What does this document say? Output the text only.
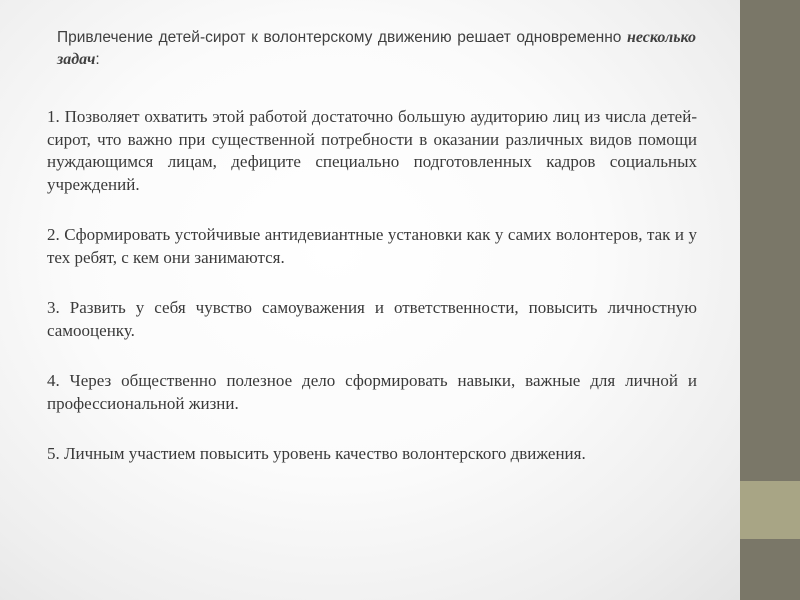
Привлечение детей-сирот к волонтерскому движению решает одновременно несколько задач:

1. Позволяет охватить этой работой достаточно большую аудиторию лиц из числа детей-сирот, что важно при существенной потребности в оказании различных видов помощи нуждающимся лицам, дефиците специально подготовленных кадров социальных учреждений.
2. Сформировать устойчивые антидевиантные установки как у самих волонтеров, так и у тех ребят, с кем они занимаются.
3. Развить у себя чувство самоуважения и ответственности, повысить личностную самооценку.
4. Через общественно полезное дело сформировать навыки, важные для личной и профессиональной жизни.
5. Личным участием повысить уровень качество волонтерского движения.
